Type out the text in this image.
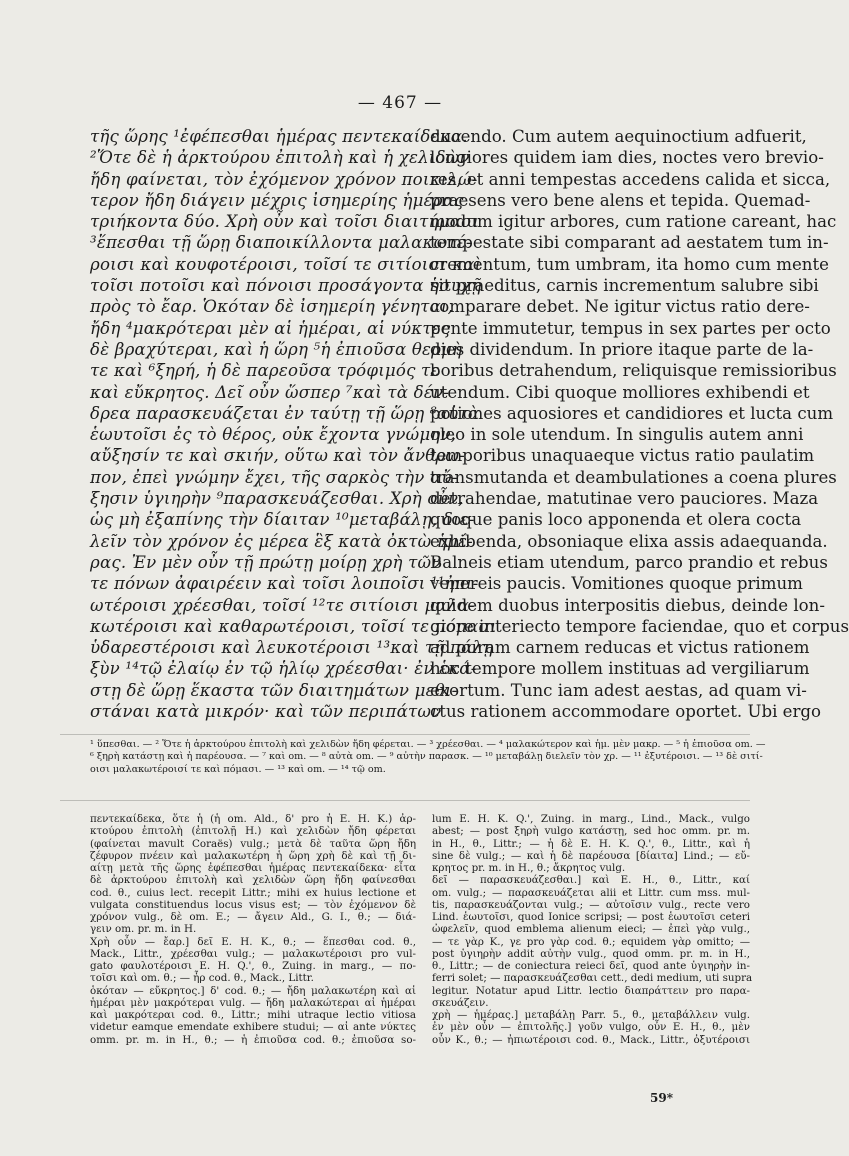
— 467 —
τῆς ὥρης ¹ἐφέπεσθαι ἡμέρας πεντεκαίδεκα.
²Ὅτε δὲ ἡ ἀρκτούρου ἐπιτολὴ καὶ ἡ χελιδὼν
ἤδη φαίνεται, τὸν ἐχόμενον χρόνον ποικιλώ-
τερον ἤδη διάγειν μέχρις ἰσημερίης ἡμέρας
τριήκοντα δύο. Χρὴ οὖν καὶ τοῖσι διαιτήμασι
³ἕπεσθαι τῇ ὥρῃ διαποικίλλοντα μαλακωτέ-
ροισι καὶ κουφοτέροισι, τοῖσί τε σιτίοισι καὶ
τοῖσι ποτοῖσι καὶ πόνοισι προσάγοντα ἡσυχῇ
πρὸς τὸ ἔαρ. Ὁκόταν δὲ ἰσημερίη γένηται,
ἤδη ⁴μακρότεραι μὲν αἱ ἡμέραι, αἱ νύκτες
δὲ βραχύτεραι, καὶ ἡ ὥρη ⁵ἡ ἐπιοῦσα θερμὴ
τε καὶ ⁶ξηρή, ἡ δὲ παρεοῦσα τρόφιμός τε
καὶ εὔκρητος. Δεῖ οὖν ὥσπερ ⁷καὶ τὰ δέν-
δρεα παρασκευάζεται ἐν ταύτῃ τῇ ὥρῃ ⁸αὐτὰ
ἑωυτοῖσι ἐς τὸ θέρος, οὐκ ἔχοντα γνώμην,
αὔξησίν τε καὶ σκιήν, οὕτω καὶ τὸν ἄνθρω-
πον, ἐπεὶ γνώμην ἔχει, τῆς σαρκὸς τὴν αὔ-
ξησιν ὑγιηρὴν ⁹παρασκευάζεσθαι. Χρὴ οὖν,
ὡς μὴ ἐξαπίνης τὴν δίαιταν ¹⁰μεταβάλῃ, διε-
λεῖν τὸν χρόνον ἐς μέρεα ἓξ κατὰ ὀκτὼ ἡμέ-
ρας. Ἐν μὲν οὖν τῇ πρώτῃ μοίρῃ χρὴ τῶν
τε πόνων ἀφαιρέειν καὶ τοῖσι λοιποῖσι ¹¹ἠπι-
ωτέροισι χρέεσθαι, τοῖσί ¹²τε σιτίοισι μαλα-
κωτέροισι καὶ καθαρωτέροισι, τοῖσί τε πόμασι
ὑδαρεστέροισι καὶ λευκοτέροισι ¹³καὶ τῇ πάλῃ
ξὺν ¹⁴τῷ ἐλαίῳ ἐν τῷ ἡλίῳ χρέεσθαι· ἐν ἑκά-
στῃ δὲ ὥρῃ ἕκαστα τῶν διαιτημάτων μεθι-
στάναι κατὰ μικρόν· καὶ τῶν περιπάτων
ducendo. Cum autem aequinoctium adfuerit,
longiores quidem iam dies, noctes vero brevio-
res, et anni tempestas accedens calida et sicca,
praesens vero bene alens et tepida. Quemad-
modum igitur arbores, cum ratione careant, hac
tempestate sibi comparant ad aestatem tum in-
crementum, tum umbram, ita homo cum mente
sit praeditus, carnis incrementum salubre sibi
comparare debet. Ne igitur victus ratio dere-
pente immutetur, tempus in sex partes per octo
dies dividendum. In priore itaque parte de la-
boribus detrahendum, reliquisque remissioribus
utendum. Cibi quoque molliores exhibendi et
potiones aquosiores et candidiores et lucta cum
oleo in sole utendum. In singulis autem anni
temporibus unaquaeque victus ratio paulatim
transmutanda et deambulationes a coena plures
detrahendae, matutinae vero pauciores. Maza
quoque panis loco apponenda et olera cocta
exhibenda, obsoniaque elixa assis adaequanda.
Balneis etiam utendum, parco prandio et rebus
venereis paucis. Vomitiones quoque primum
quidem duobus interpositis diebus, deinde lon-
giore interiecto tempore faciendae, quo et corpus
ad puram carnem reducas et victus rationem
hoc tempore mollem instituas ad vergiliarum
exortum. Tunc iam adest aestas, ad quam vi-
ctus rationem accommodare oportet. Ubi ergo
¹ ὕπεσθαι. — ² Ὅτε ἡ ἀρκτούρου ἐπιτολὴ καὶ χελιδὼν ἤδη φέρεται. — ³ χρέεσθαι. — ⁴ μαλακώτερον καὶ ἡμ. μὲν μακρ. — ⁵ ἡ ἐπιοῦσα om. —
⁶ ξηρὴ κατάστῃ καὶ ἡ παρέουσα. — ⁷ καὶ om. — ⁸ αὐτὰ om. — ⁹ αὐτὴν παρασκ. — ¹⁰ μεταβάλῃ διελεῖν τὸν χρ. — ¹¹ ἐξυτέροισι. — ¹³ δὲ σιτί-
οισι μαλακωτέροισί τε καὶ πόμασι. — ¹³ καὶ om. — ¹⁴ τῷ om.
πεντεκαίδεκα, ὅτε ἡ (ἡ om. Ald., δ' pro ἡ E. H. K.) ἀρ-
κτούρου ἐπιτολὴ (ἐπιτολῇ H.) καὶ χελιδὼν ἤδη φέρεται
(φαίνεται mavult Coraës) vulg.; μετὰ δὲ ταῦτα ὥρη ἤδη
ζέφυρον πνέειν καὶ μαλακωτέρη ἡ ὥρη χρὴ δὲ καὶ τῇ δι-
αίτῃ μετὰ τῆς ὥρης ἐφέπεσθαι ἡμέρας πεντεκαίδεκα· εἶτα
δὲ ἀρκτούρου ἐπιτολὴ καὶ χελιδὼν ὥρη ἤδη φαίνεσθαι
cod. θ., cuius lect. recepit Littr.; mihi ex huius lectione et
vulgata constituendus locus visus est; — τὸν ἐχόμενον δὲ
χρόνον vulg., δὲ om. E.; — ἄγειν Ald., G. I., θ.; — διά-
γειν om. pr. m. in H.
Χρὴ οὖν — ἔαρ.] δεῖ E. H. K., θ.; — ἕπεσθαι cod. θ.,
Mack., Littr., χρέεσθαι vulg.; — μαλακωτέροισι pro vul-
gato φαυλοτέροισι E. H. Q.', θ., Zuing. in marg., — πο-
τοῖσι καὶ om. θ.; — ἦρ cod. θ., Mack., Littr.
ὁκόταν — εὔκρητος.] δ' cod. θ.; — ἤδη μαλακωτέρη καὶ αἱ
ἡμέραι μὲν μακρότεραι vulg. — ἤδη μαλακώτεραι αἱ ἡμέραι
καὶ μακρότεραι cod. θ., Littr.; mihi utraque lectio vitiosa
videtur eamque emendate exhibere studui; — αἱ ante νύκτες
omm. pr. m. in H., θ.; — ἡ ἐπιοῦσα cod. θ.; ἐπιοῦσα so-
lum E. H. K. Q.', Zuing. in marg., Lind., Mack., vulgo
abest; — post ξηρὴ vulgo κατάστῃ, sed hoc omm. pr. m.
in H., θ., Littr.; — ἡ δὲ E. H. K. Q.', θ., Littr., καὶ ἡ
sine δὲ vulg.; — καὶ ἡ δὲ παρέουσα [δίαιτα] Lind.; — εὔ-
κρητος pr. m. in H., θ.; ἄκρητος vulg.
δεῖ — παρασκευάζεσθαι.] καὶ E. H., θ., Littr., καί
om. vulg.; — παρασκευάζεται alii et Littr. cum mss. mul-
tis, παρασκευάζονται vulg.; — αὐτοῖσιν vulg., recte vero
Lind. ἑωυτοῖσι, quod Ionice scripsi; — post ἑωυτοῖσι ceteri
ὠφελεῖν, quod emblema alienum eieci; — ἐπεὶ γὰρ vulg.,
— τε γὰρ K., γε pro γὰρ cod. θ.; equidem γὰρ omitto; —
post ὑγιηρὴν addit αὐτὴν vulg., quod omm. pr. m. in H.,
θ., Littr.; — de coniectura reieci δεῖ, quod ante ὑγιηρὴν in-
ferri solet; — παρασκευάζεσθαι cett., dedi medium, uti supra
legitur. Notatur apud Littr. lectio διαπράττειν pro παρα-
σκευάζειν.
χρὴ — ἡμέρας.] μεταβάλῃ Parr. 5., θ., μεταβάλλειν vulg.
ἐν μὲν οὖν — ἐπιτολῆς.] γοῦν vulgo, οὖν E. H., θ., μὲν
οὖν K., θ.; — ἠπιωτέροισι cod. θ., Mack., Littr., ὀξυτέροισι
59*
